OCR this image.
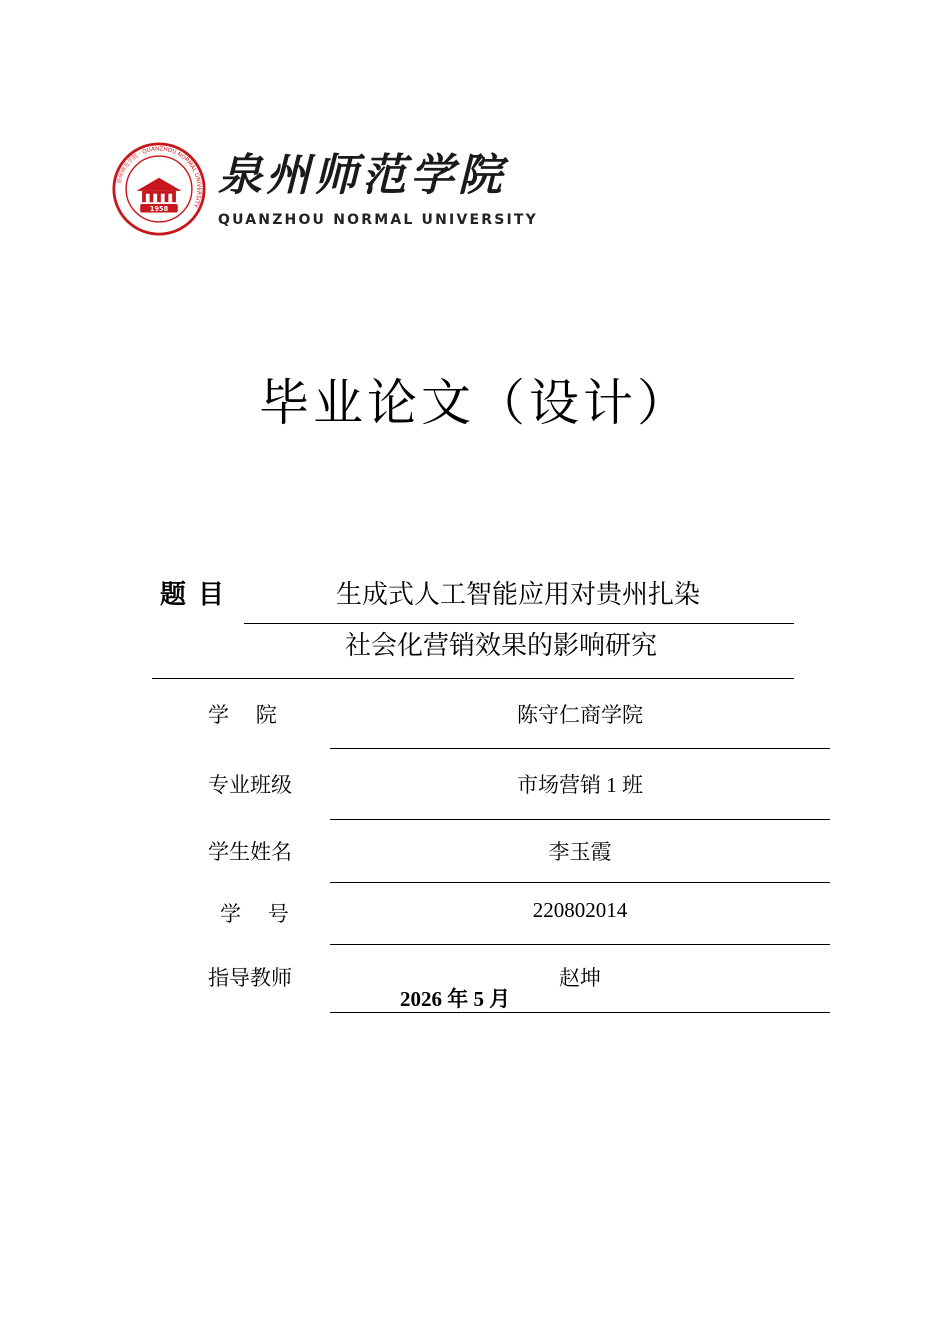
1958
泉州师范学院 · QUANZHOU NORMAL UNIVERSITY
泉州师范学院
QUANZHOU NORMAL UNIVERSITY
毕业论文（设计）
题目	生成式人工智能应用对贵州扎染
社会化营销效果的影响研究
学    院	陈守仁商学院
专业班级	市场营销 1 班
学生姓名	李玉霞
学    号	220802014
指导教师	赵坤
2026 年 5 月
